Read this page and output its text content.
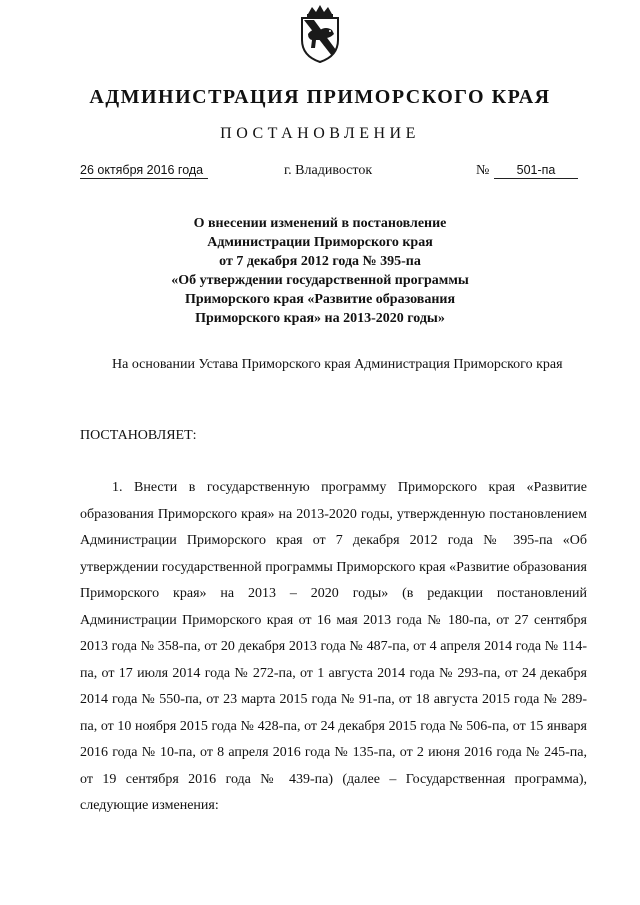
АДМИНИСТРАЦИЯ ПРИМОРСКОГО КРАЯ
ПОСТАНОВЛЕНИЕ
26 октября 2016 года	г. Владивосток	№	501-па
О внесении изменений в постановление
Администрации Приморского края
от 7 декабря 2012 года № 395-па
«Об утверждении государственной программы
Приморского края «Развитие образования
Приморского края» на 2013-2020 годы»
На основании Устава Приморского края Администрация Приморского края
ПОСТАНОВЛЯЕТ:
1. Внести в государственную программу Приморского края «Развитие образования Приморского края» на 2013-2020 годы, утвержденную постановлением Администрации Приморского края от 7 декабря 2012 года № 395-па «Об утверждении государственной программы Приморского края «Развитие образования Приморского края» на 2013 – 2020 годы» (в редакции постановлений Администрации Приморского края от 16 мая 2013 года № 180-па, от 27 сентября 2013 года № 358-па, от 20 декабря 2013 года № 487-па, от 4 апреля 2014 года № 114-па, от 17 июля 2014 года № 272-па, от 1 августа 2014 года № 293-па, от 24 декабря 2014 года № 550-па, от 23 марта 2015 года № 91-па, от 18 августа 2015 года № 289-па, от 10 ноября 2015 года № 428-па, от 24 декабря 2015 года № 506-па, от 15 января 2016 года № 10-па, от 8 апреля 2016 года № 135-па, от 2 июня 2016 года № 245-па, от 19 сентября 2016 года № 439-па) (далее – Государственная программа), следующие изменения:
